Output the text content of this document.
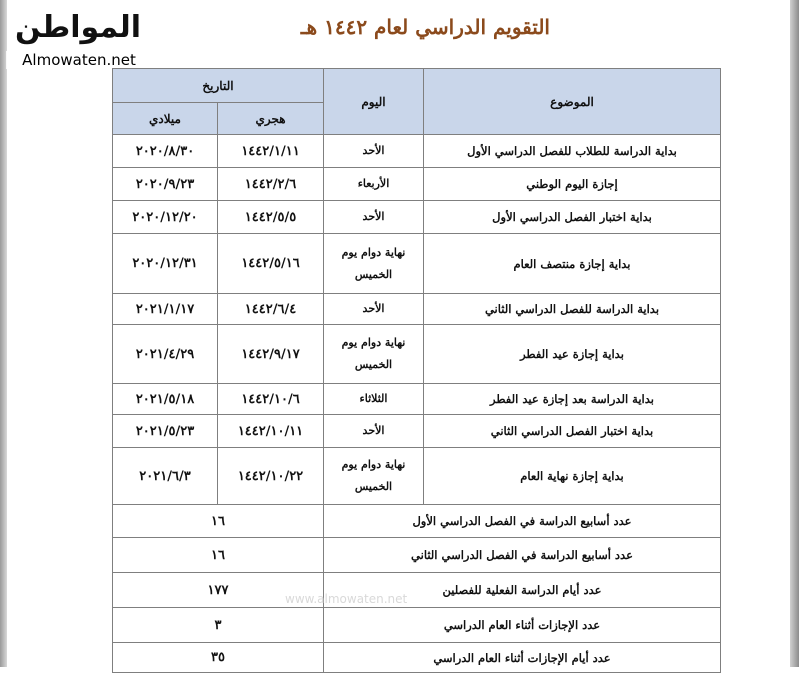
المواطن
Almowaten.net
التقويم الدراسي لعام ١٤٤٢ هـ
الموضوع	اليوم	التاريخ	
		هجري	ميلادي
بداية الدراسة للطلاب للفصل الدراسي الأول	الأحد	١٤٤٢/١/١١	٢٠٢٠/٨/٣٠
إجازة اليوم الوطني	الأربعاء	١٤٤٢/٢/٦	٢٠٢٠/٩/٢٣
بداية اختبار الفصل الدراسي الأول	الأحد	١٤٤٢/٥/٥	٢٠٢٠/١٢/٢٠
بداية إجازة منتصف العام	نهاية دوام يوم الخميس	١٤٤٢/٥/١٦	٢٠٢٠/١٢/٣١
بداية الدراسة للفصل الدراسي الثاني	الأحد	١٤٤٢/٦/٤	٢٠٢١/١/١٧
بداية إجازة عيد الفطر	نهاية دوام يوم الخميس	١٤٤٢/٩/١٧	٢٠٢١/٤/٢٩
بداية الدراسة بعد إجازة عيد الفطر	الثلاثاء	١٤٤٢/١٠/٦	٢٠٢١/٥/١٨
بداية اختبار الفصل الدراسي الثاني	الأحد	١٤٤٢/١٠/١١	٢٠٢١/٥/٢٣
بداية إجازة نهاية العام	نهاية دوام يوم الخميس	١٤٤٢/١٠/٢٢	٢٠٢١/٦/٣
عدد أسابيع الدراسة في الفصل الدراسي الأول		١٦	
عدد أسابيع الدراسة في الفصل الدراسي الثاني		١٦	
عدد أيام الدراسة الفعلية للفصلين		١٧٧	
عدد الإجازات أثناء العام الدراسي		٣	
عدد أيام الإجازات أثناء العام الدراسي		٣٥	
www.almowaten.net
